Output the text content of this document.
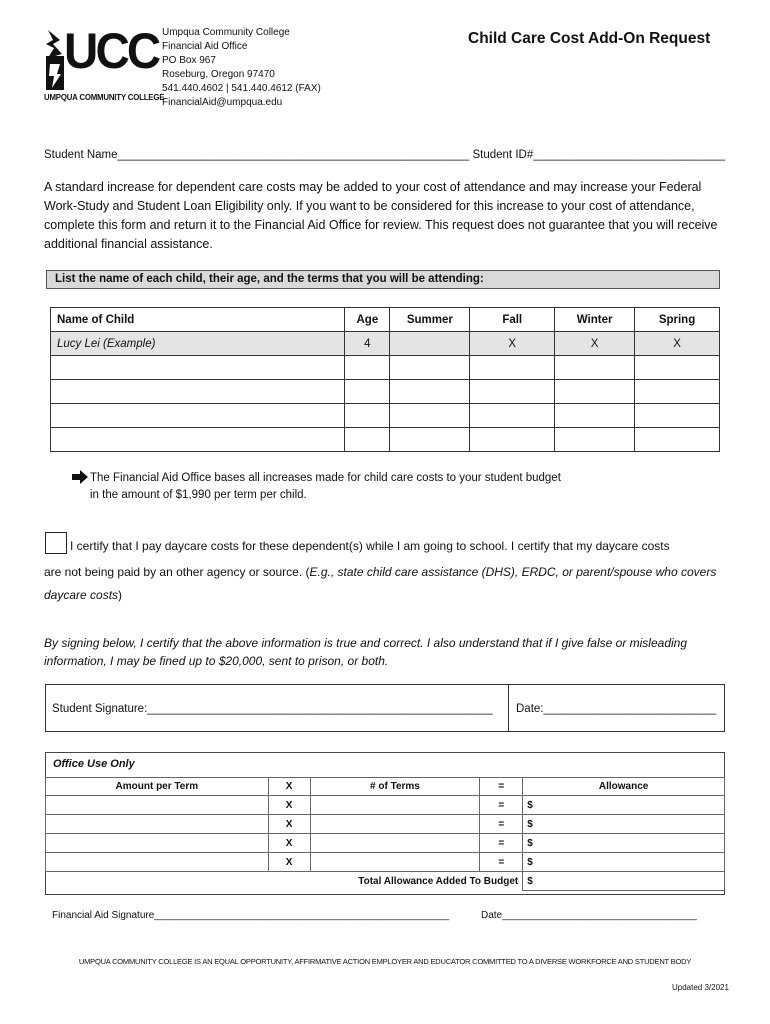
UCC
UMPQUA COMMUNITY COLLEGE
Umpqua Community College
Financial Aid Office
PO Box 967
Roseburg, Oregon 97470
541.440.4602 | 541.440.4612 (FAX)
FinancialAid@umpqua.edu
Child Care Cost Add-On Request
Student Name_______________________________________________________ Student ID#______________________________
A standard increase for dependent care costs may be added to your cost of attendance and may increase your Federal Work-Study and Student Loan Eligibility only. If you want to be considered for this increase to your cost of attendance, complete this form and return it to the Financial Aid Office for review. This request does not guarantee that you will receive additional financial assistance.
List the name of each child, their age, and the terms that you will be attending:
Name of Child	Age	Summer	Fall	Winter	Spring
Lucy Lei (Example)	4		X	X	X

The Financial Aid Office bases all increases made for child care costs to your student budget
in the amount of $1,990 per term per child.
I certify that I pay daycare costs for these dependent(s) while I am going to school. I certify that my daycare costs
are not being paid by an other agency or source. (E.g., state child care assistance (DHS), ERDC, or parent/spouse who covers daycare costs)
By signing below, I certify that the above information is true and correct. I also understand that if I give false or misleading information, I may be fined up to $20,000, sent to prison, or both.
Student Signature:______________________________________________________ Date:___________________________
Office Use Only
Amount per Term	X	# of Terms	=	Allowance
	X		=	$
	X		=	$
	X		=	$
	X		=	$
Total Allowance Added To Budget				$
Financial Aid Signature_____________________________________________________	Date___________________________________
UMPQUA COMMUNITY COLLEGE IS AN EQUAL OPPORTUNITY, AFFIRMATIVE ACTION EMPLOYER AND EDUCATOR COMMITTED TO A DIVERSE WORKFORCE AND STUDENT BODY
Updated 3/2021
